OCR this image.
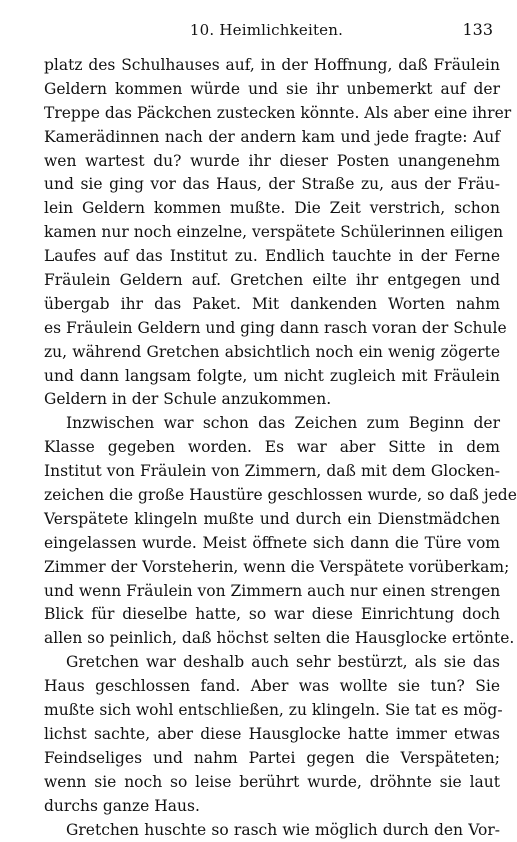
10. Heimlichkeiten.	133
platz des Schulhauses auf, in der Hoffnung, daß Fräulein
Geldern kommen würde und sie ihr unbemerkt auf der
Treppe das Päckchen zustecken könnte. Als aber eine ihrer
Kamerädinnen nach der andern kam und jede fragte: Auf
wen wartest du? wurde ihr dieser Posten unangenehm
und sie ging vor das Haus, der Straße zu, aus der Fräu-
lein Geldern kommen mußte. Die Zeit verstrich, schon
kamen nur noch einzelne, verspätete Schülerinnen eiligen
Laufes auf das Institut zu. Endlich tauchte in der Ferne
Fräulein Geldern auf. Gretchen eilte ihr entgegen und
übergab ihr das Paket. Mit dankenden Worten nahm
es Fräulein Geldern und ging dann rasch voran der Schule
zu, während Gretchen absichtlich noch ein wenig zögerte
und dann langsam folgte, um nicht zugleich mit Fräulein
Geldern in der Schule anzukommen.
Inzwischen war schon das Zeichen zum Beginn der
Klasse gegeben worden. Es war aber Sitte in dem
Institut von Fräulein von Zimmern, daß mit dem Glocken-
zeichen die große Haustüre geschlossen wurde, so daß jede
Verspätete klingeln mußte und durch ein Dienstmädchen
eingelassen wurde. Meist öffnete sich dann die Türe vom
Zimmer der Vorsteherin, wenn die Verspätete vorüberkam;
und wenn Fräulein von Zimmern auch nur einen strengen
Blick für dieselbe hatte, so war diese Einrichtung doch
allen so peinlich, daß höchst selten die Hausglocke ertönte.
Gretchen war deshalb auch sehr bestürzt, als sie das
Haus geschlossen fand. Aber was wollte sie tun? Sie
mußte sich wohl entschließen, zu klingeln. Sie tat es mög-
lichst sachte, aber diese Hausglocke hatte immer etwas
Feindseliges und nahm Partei gegen die Verspäteten;
wenn sie noch so leise berührt wurde, dröhnte sie laut
durchs ganze Haus.
Gretchen huschte so rasch wie möglich durch den Vor-
